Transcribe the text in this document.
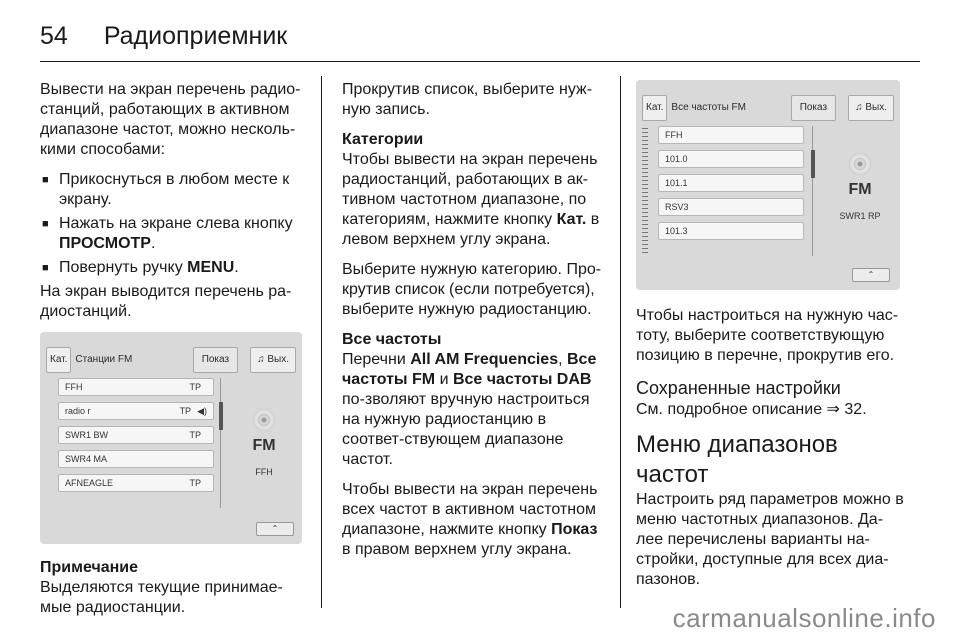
54 Радиоприемник

Вывести на экран перечень радио-станций, работающих в активном диапазоне частот, можно несколь-кими способами:

■ Прикоснуться в любом месте к экрану.
■ Нажать на экране слева кнопку ПРОСМОТР.
■ Повернуть ручку MENU.

На экран выводится перечень ра-диостанций.

Кат. Станции FM	Показ	♫ Вых.
FFH	TP
radio r	TP ◀)
SWR1 BW	TP
SWR4 MA
AFNEAGLE	TP
FM
FFH
⌃
Примечание
Выделяются текущие принимае-мые радиостанции.

Прокрутив список, выберите нуж-ную запись.

Категории

Чтобы вывести на экран перечень радиостанций, работающих в ак-тивном частотном диапазоне, по категориям, нажмите кнопку Кат. в левом верхнем углу экрана.

Выберите нужную категорию. Про-крутив список (если потребуется), выберите нужную радиостанцию.

Все частоты

Перечни All AM Frequencies, Все частоты FM и Все частоты DAB по-зволяют вручную настроиться на нужную радиостанцию в соответ-ствующем диапазоне частот.

Чтобы вывести на экран перечень всех частот в активном частотном диапазоне, нажмите кнопку Показ в правом верхнем углу экрана.

Кат. Все частоты FM	Показ	♫ Вых.
FFH
101.0
101.1
RSV3
101.3
FM
SWR1 RP
⌃

Чтобы настроиться на нужную час-тоту, выберите соответствующую позицию в перечне, прокрутив его.

Сохраненные настройки

См. подробное описание ⇒ 32.

Меню диапазонов частот

Настроить ряд параметров можно в меню частотных диапазонов. Да-лее перечислены варианты на-стройки, доступные для всех диа-пазонов.

carmanualsonline.info
